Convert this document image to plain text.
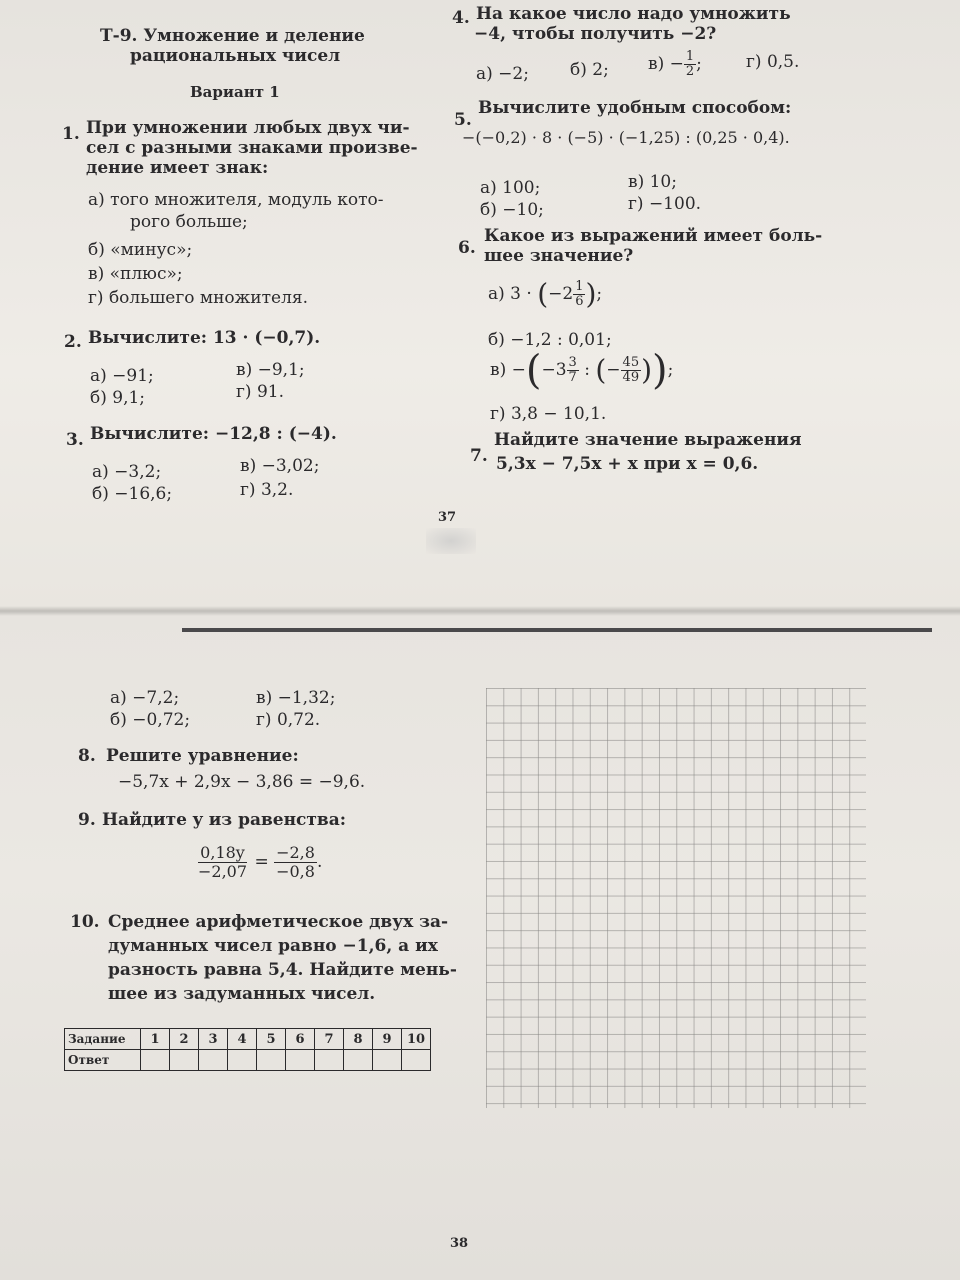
Т-9. Умножение и деление
рациональных чисел
Вариант 1
1. При умножении любых двух чи-
сел с разными знаками произве-
дение имеет знак:
а) того множителя, модуль кото-
рого больше;
б) «минус»;
в) «плюс»;
г) большего множителя.
2. Вычислите: 13 · (−0,7).
а) −91;	в) −9,1;
б) 9,1;	г) 91.
3. Вычислите: −12,8 : (−4).
а) −3,2;	в) −3,02;
б) −16,6;	г) 3,2.
4. На какое число надо умножить
−4, чтобы получить −2?
а) −2; б) 2; $в) - \frac{1}{2}$ ;	г) 0,5.
5.
Вычислите удобным способом:
−(−0,2) · 8 · (−5) · (−1,25) : (0,25 · 0,4).
а) 100;	в) 10;
б) −10;	г) −100.
6.
Какое из выражений имеет боль-
шее значение?
а) $3 \cdot (-2 \frac{1}{6}$ );
б) −1,2 : 0,01;
$в) -(-3 \frac{3}{7}$ : (− $\frac{45}{49}$ ));
г) 3,8 − 10,1.
7.
Найдите значение выражения
5,3x − 7,5x + x при x = 0,6.
37
а) −7,2;	в) −1,32;
б) −0,72;	г) 0,72.
8. Решите уравнение:
−5,7x + 2,9x − 3,86 = −9,6.
9. Найдите y из равенства:
$\frac{0,18y}{-2,07} = \frac{-2,8}{-0,8}$ .
10. Среднее арифметическое двух за-
думанных чисел равно −1,6, а их
разность равна 5,4. Найдите мень-
шее из задуманных чисел.
Задание	1	2	3	4	5	6	7	8	9	10
Ответ										
38
